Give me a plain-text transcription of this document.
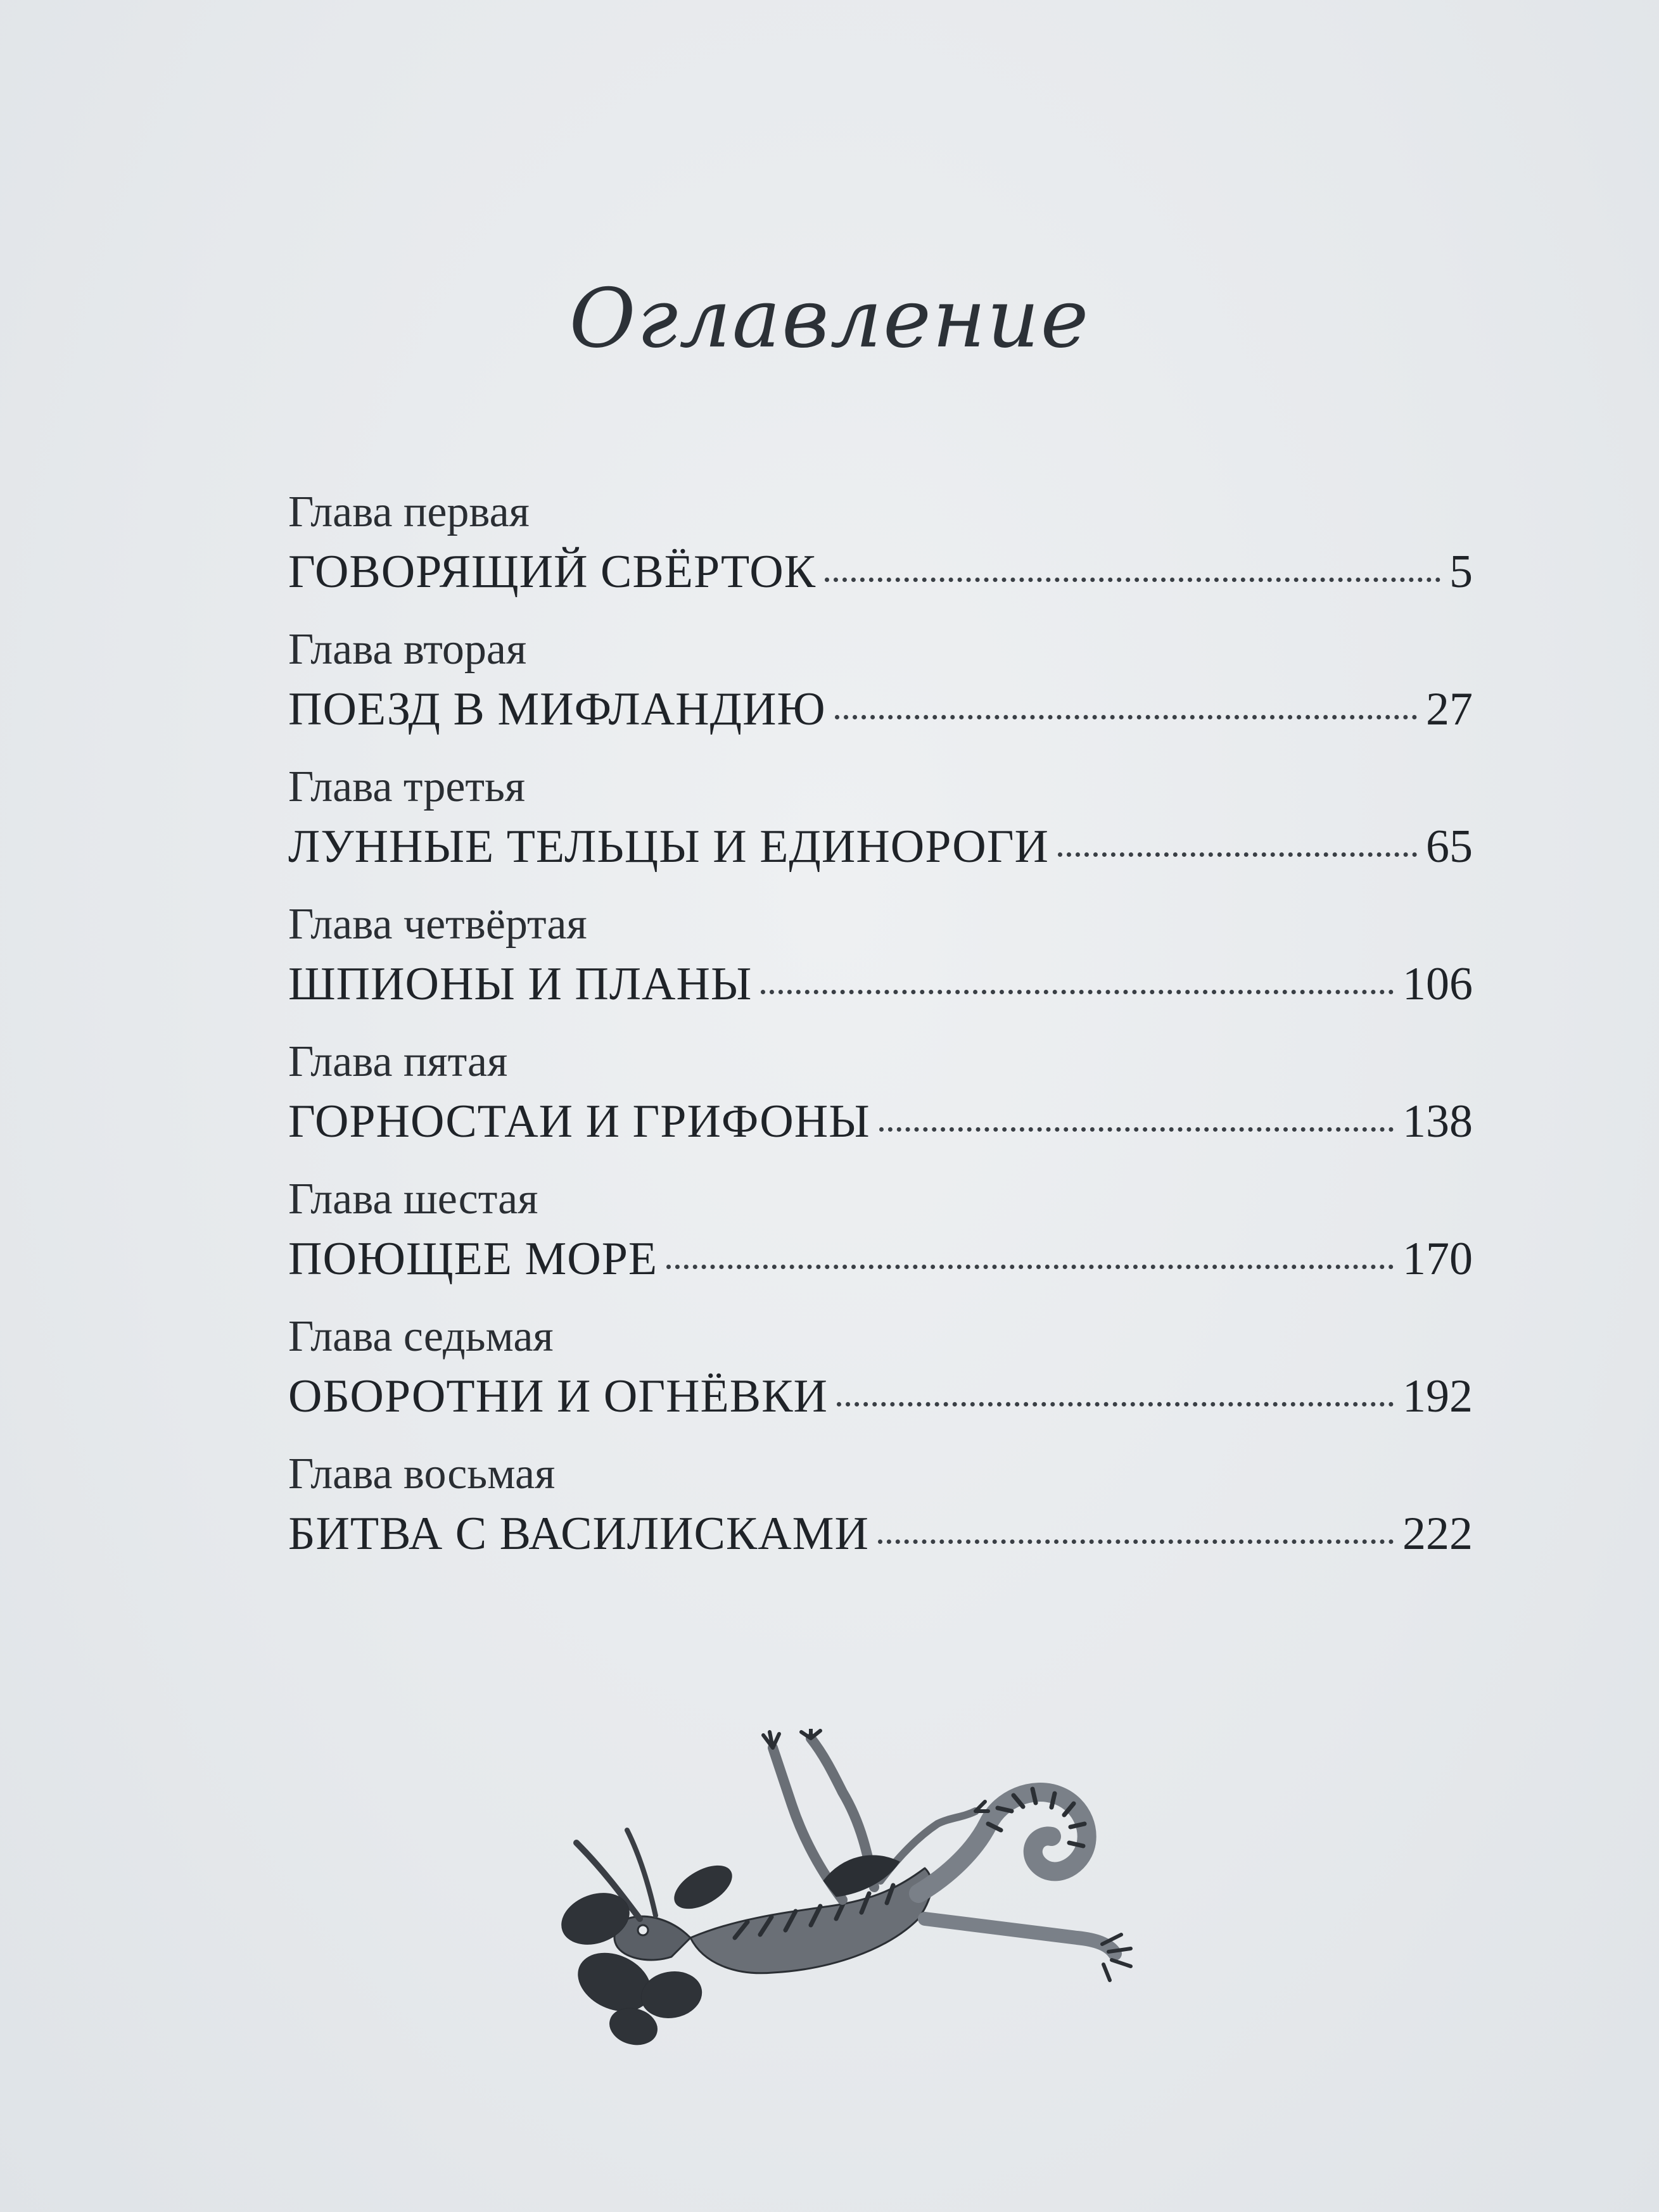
Оглавление
Глава первая
ГОВОРЯЩИЙ СВЁРТОК	5
Глава вторая
ПОЕЗД В МИФЛАНДИЮ	27
Глава третья
ЛУННЫЕ ТЕЛЬЦЫ И ЕДИНОРОГИ	65
Глава четвёртая
ШПИОНЫ И ПЛАНЫ	106
Глава пятая
ГОРНОСТАИ И ГРИФОНЫ	138
Глава шестая
ПОЮЩЕЕ МОРЕ	170
Глава седьмая
ОБОРОТНИ И ОГНЁВКИ	192
Глава восьмая
БИТВА С ВАСИЛИСКАМИ	222
